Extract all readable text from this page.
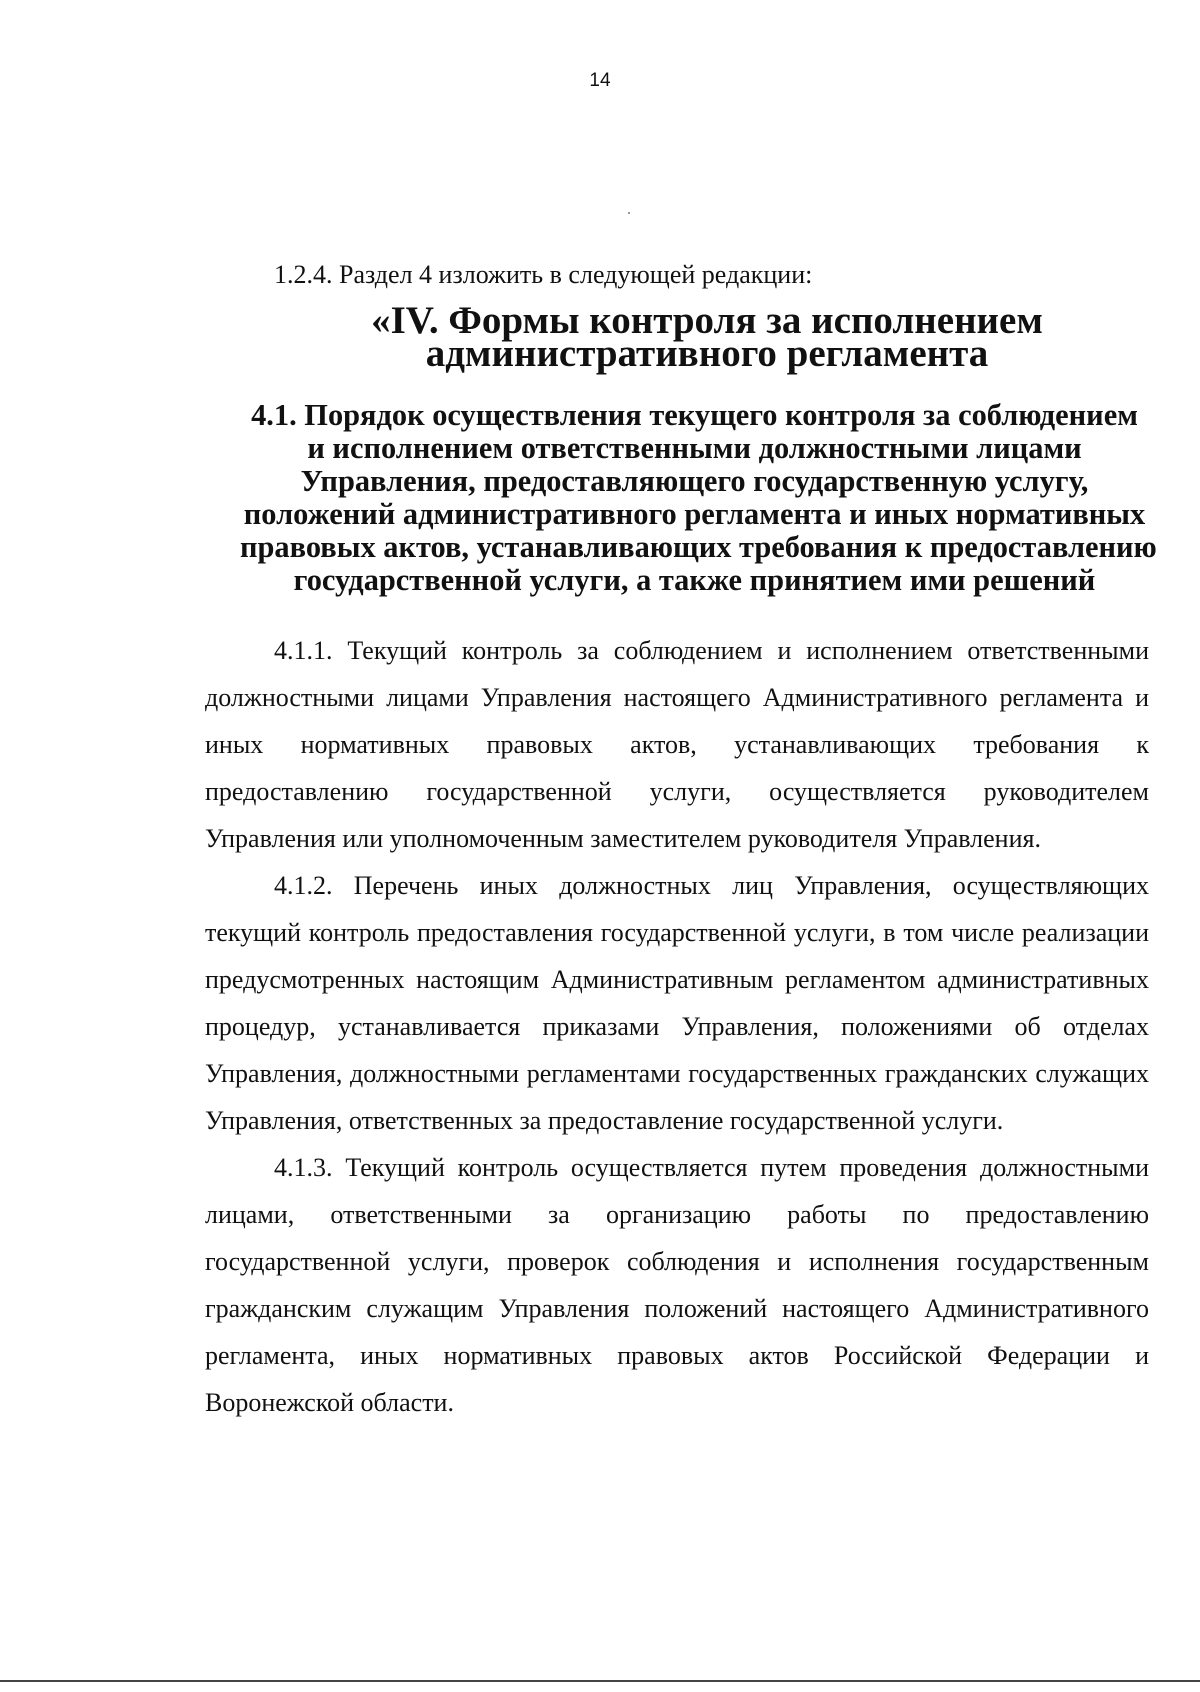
14

1.2.4. Раздел 4 изложить в следующей редакции:

«IV. Формы контроля за исполнением
административного регламента
4.1. Порядок осуществления текущего контроля за соблюдением
и исполнением ответственными должностными лицами
Управления, предоставляющего государственную услугу,
положений административного регламента и иных нормативных
правовых актов, устанавливающих требования к предоставлению
государственной услуги, а также принятием ими решений

4.1.1. Текущий контроль за соблюдением и исполнением ответственными должностными лицами Управления настоящего Административного регламента и иных нормативных правовых актов, устанавливающих требования к предоставлению государственной услуги, осуществляется руководителем Управления или уполномоченным заместителем руководителя Управления.

4.1.2. Перечень иных должностных лиц Управления, осуществляющих текущий контроль предоставления государственной услуги, в том числе реализации предусмотренных настоящим Административным регламентом административных процедур, устанавливается приказами Управления, положениями об отделах Управления, должностными регламентами государственных гражданских служащих Управления, ответственных за предоставление государственной услуги.

4.1.3. Текущий контроль осуществляется путем проведения должностными лицами, ответственными за организацию работы по предоставлению государственной услуги, проверок соблюдения и исполнения государственным гражданским служащим Управления положений настоящего Административного регламента, иных нормативных правовых актов Российской Федерации и Воронежской области.
